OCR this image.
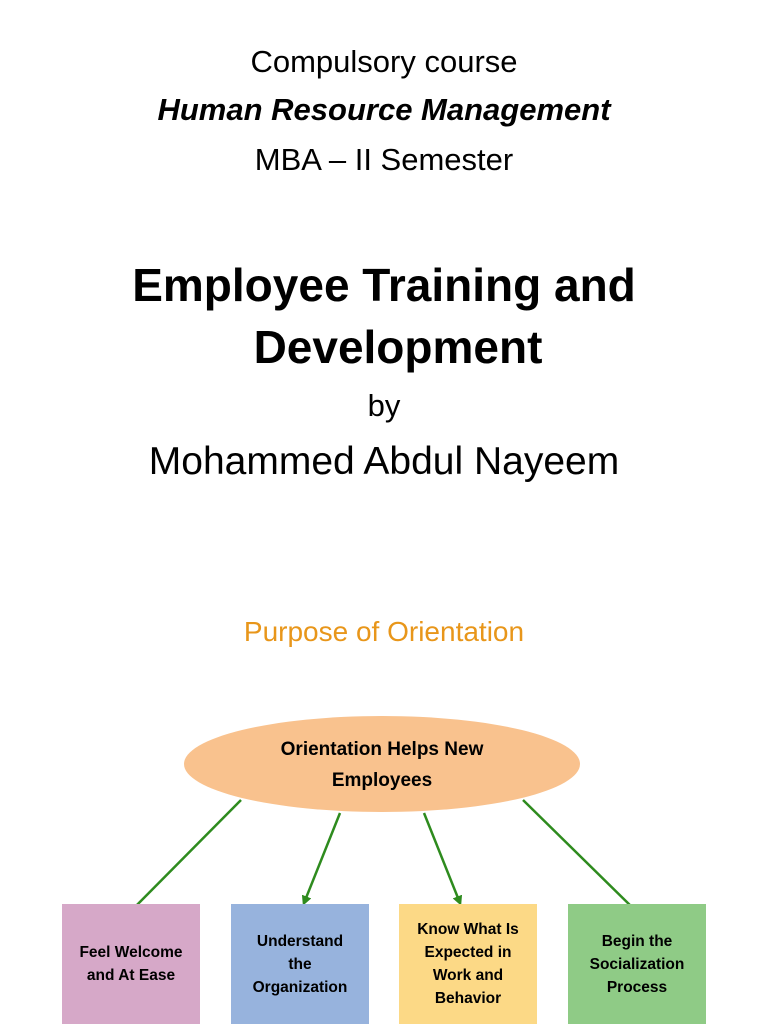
Compulsory course
Human Resource Management
MBA – II Semester
Employee Training and
Development
by
Mohammed Abdul Nayeem
Purpose of Orientation
Orientation Helps New
Employees
Feel Welcome
and At Ease
Understand
the
Organization
Know What Is
Expected in
Work and
Behavior
Begin the
Socialization
Process
